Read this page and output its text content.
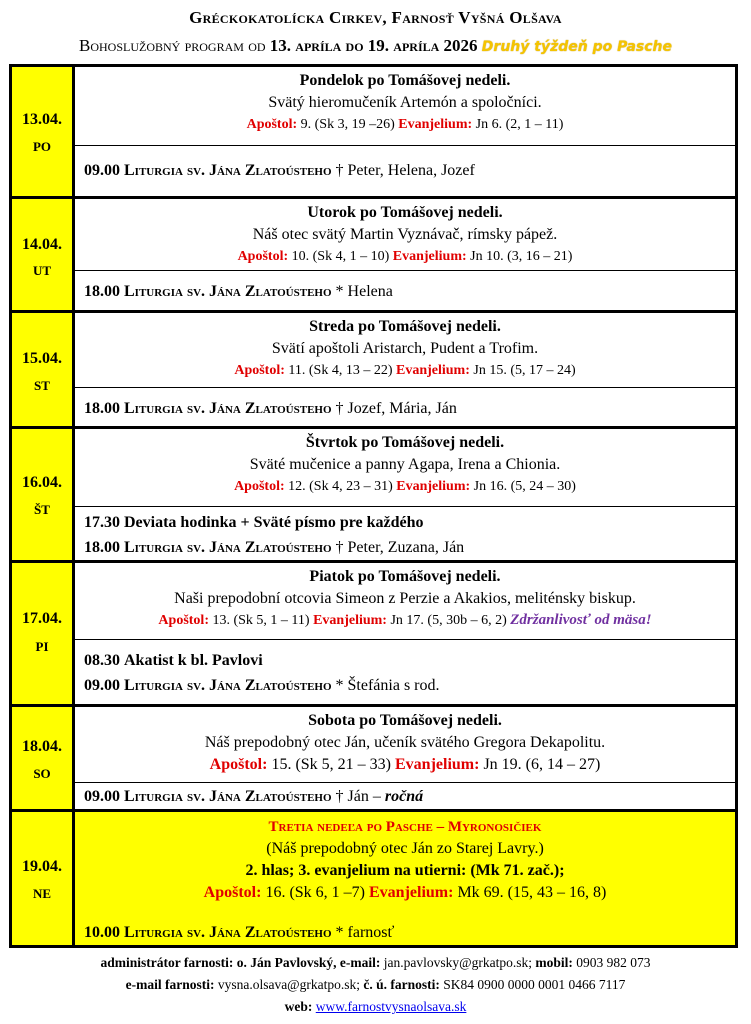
Gréckokatolícka Cirkev, Farnosť Vyšná Olšava
Bohoslužobný program od 13. apríla do 19. apríla 2026 Druhý týždeň po Pasche
13.04.
PO
Pondelok po Tomášovej nedeli.
Svätý hieromučeník Artemón a spoločníci.
Apoštol: 9. (Sk 3, 19 –26) Evanjelium: Jn 6. (2, 1 – 11)
09.00 Liturgia sv. Jána Zlatoústeho † Peter, Helena, Jozef
14.04.
UT
Utorok po Tomášovej nedeli.
Náš otec svätý Martin Vyznávač, rímsky pápež.
Apoštol: 10. (Sk 4, 1 – 10) Evanjelium: Jn 10. (3, 16 – 21)
18.00 Liturgia sv. Jána Zlatoústeho * Helena
15.04.
ST
Streda po Tomášovej nedeli.
Svätí apoštoli Aristarch, Pudent a Trofim.
Apoštol: 11. (Sk 4, 13 – 22) Evanjelium: Jn 15. (5, 17 – 24)
18.00 Liturgia sv. Jána Zlatoústeho † Jozef, Mária, Ján
16.04.
ŠT
Štvrtok po Tomášovej nedeli.
Sväté mučenice a panny Agapa, Irena a Chionia.
Apoštol: 12. (Sk 4, 23 – 31) Evanjelium: Jn 16. (5, 24 – 30)
17.30 Deviata hodinka + Sväté písmo pre každého
18.00 Liturgia sv. Jána Zlatoústeho † Peter, Zuzana, Ján
17.04.
PI
Piatok po Tomášovej nedeli.
Naši prepodobní otcovia Simeon z Perzie a Akakios, meliténsky biskup.
Apoštol: 13. (Sk 5, 1 – 11) Evanjelium: Jn 17. (5, 30b – 6, 2) Zdržanlivosť od mäsa!
08.30 Akatist k bl. Pavlovi
09.00 Liturgia sv. Jána Zlatoústeho * Štefánia s rod.
18.04.
SO
Sobota po Tomášovej nedeli.
Náš prepodobný otec Ján, učeník svätého Gregora Dekapolitu.
Apoštol: 15. (Sk 5, 21 – 33) Evanjelium: Jn 19. (6, 14 – 27)
09.00 Liturgia sv. Jána Zlatoústeho † Ján – ročná
19.04.
NE
Tretia nedeľa po Pasche – Myronosičiek
(Náš prepodobný otec Ján zo Starej Lavry.)
2. hlas; 3. evanjelium na utierni: (Mk 71. zač.);
Apoštol: 16. (Sk 6, 1 –7) Evanjelium: Mk 69. (15, 43 – 16, 8)
10.00 Liturgia sv. Jána Zlatoústeho * farnosť
administrátor farnosti: o. Ján Pavlovský, e-mail: jan.pavlovsky@grkatpo.sk; mobil: 0903 982 073
e-mail farnosti: vysna.olsava@grkatpo.sk; č. ú. farnosti: SK84 0900 0000 0001 0466 7117
web: www.farnostvysnaolsava.sk
